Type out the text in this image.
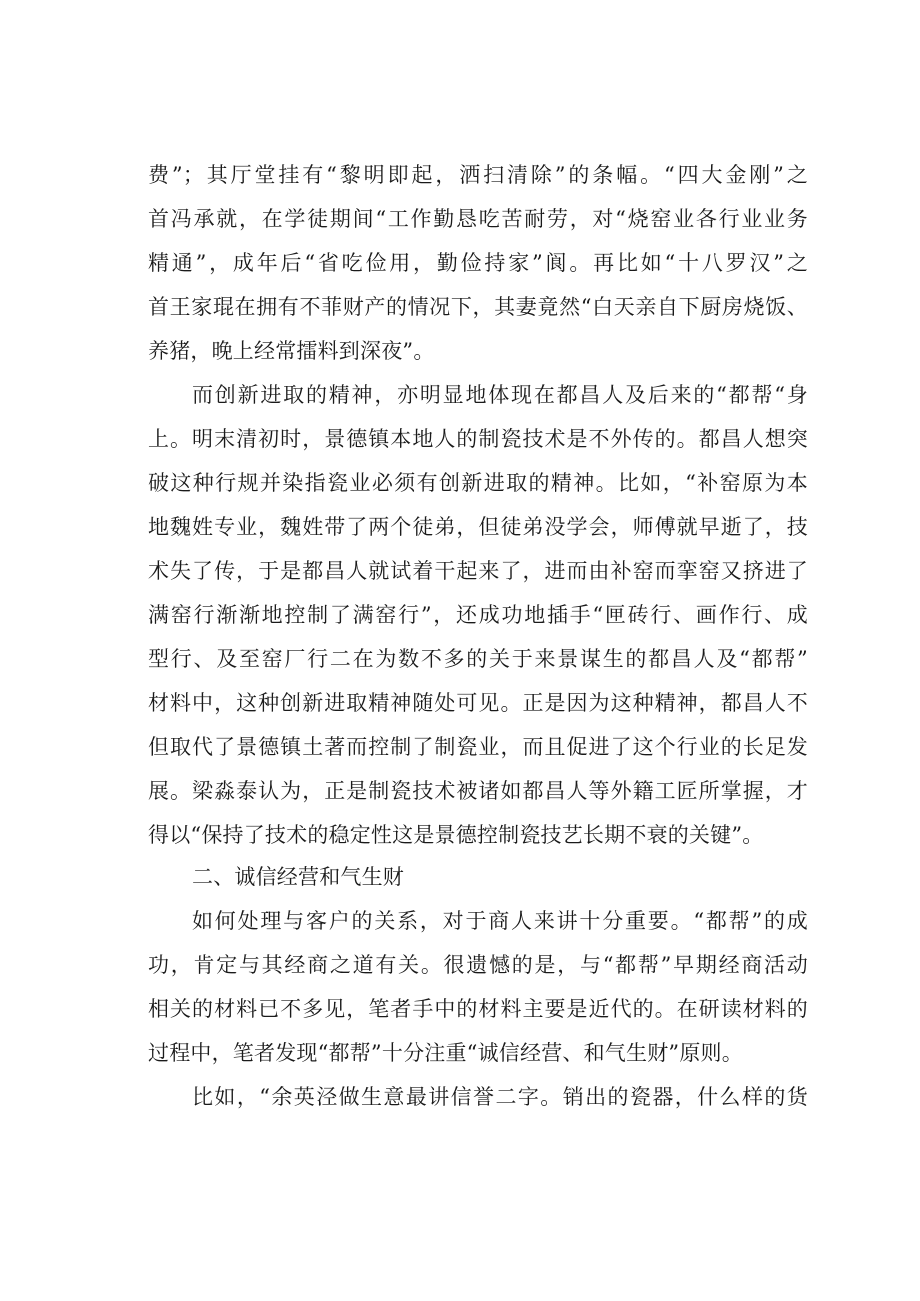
费”；其厅堂挂有“黎明即起，洒扫清除”的条幅。“四大金刚”之
首冯承就，在学徒期间“工作勤恳吃苦耐劳，对“烧窑业各行业业务
精通”，成年后“省吃俭用，勤俭持家”阆。再比如“十八罗汉”之
首王家琨在拥有不菲财产的情况下，其妻竟然“白天亲自下厨房烧饭、
养猪，晚上经常擂料到深夜”。
而创新进取的精神，亦明显地体现在都昌人及后来的“都帮“身
上。明末清初时，景德镇本地人的制瓷技术是不外传的。都昌人想突
破这种行规并染指瓷业必须有创新进取的精神。比如，“补窑原为本
地魏姓专业，魏姓带了两个徒弟，但徒弟没学会，师傅就早逝了，技
术失了传，于是都昌人就试着干起来了，进而由补窑而挛窑又挤进了
满窑行渐渐地控制了满窑行”，还成功地插手“匣砖行、画作行、成
型行、及至窑厂行二在为数不多的关于来景谋生的都昌人及“都帮”
材料中，这种创新进取精神随处可见。正是因为这种精神，都昌人不
但取代了景德镇土著而控制了制瓷业，而且促进了这个行业的长足发
展。梁淼泰认为，正是制瓷技术被诸如都昌人等外籍工匠所掌握，才
得以“保持了技术的稳定性这是景德控制瓷技艺长期不衰的关键”。
二、诚信经营和气生财
如何处理与客户的关系，对于商人来讲十分重要。“都帮”的成
功，肯定与其经商之道有关。很遗憾的是，与“都帮”早期经商活动
相关的材料已不多见，笔者手中的材料主要是近代的。在研读材料的
过程中，笔者发现“都帮”十分注重“诚信经营、和气生财”原则。
比如，“余英泾做生意最讲信誉二字。销出的瓷器，什么样的货
